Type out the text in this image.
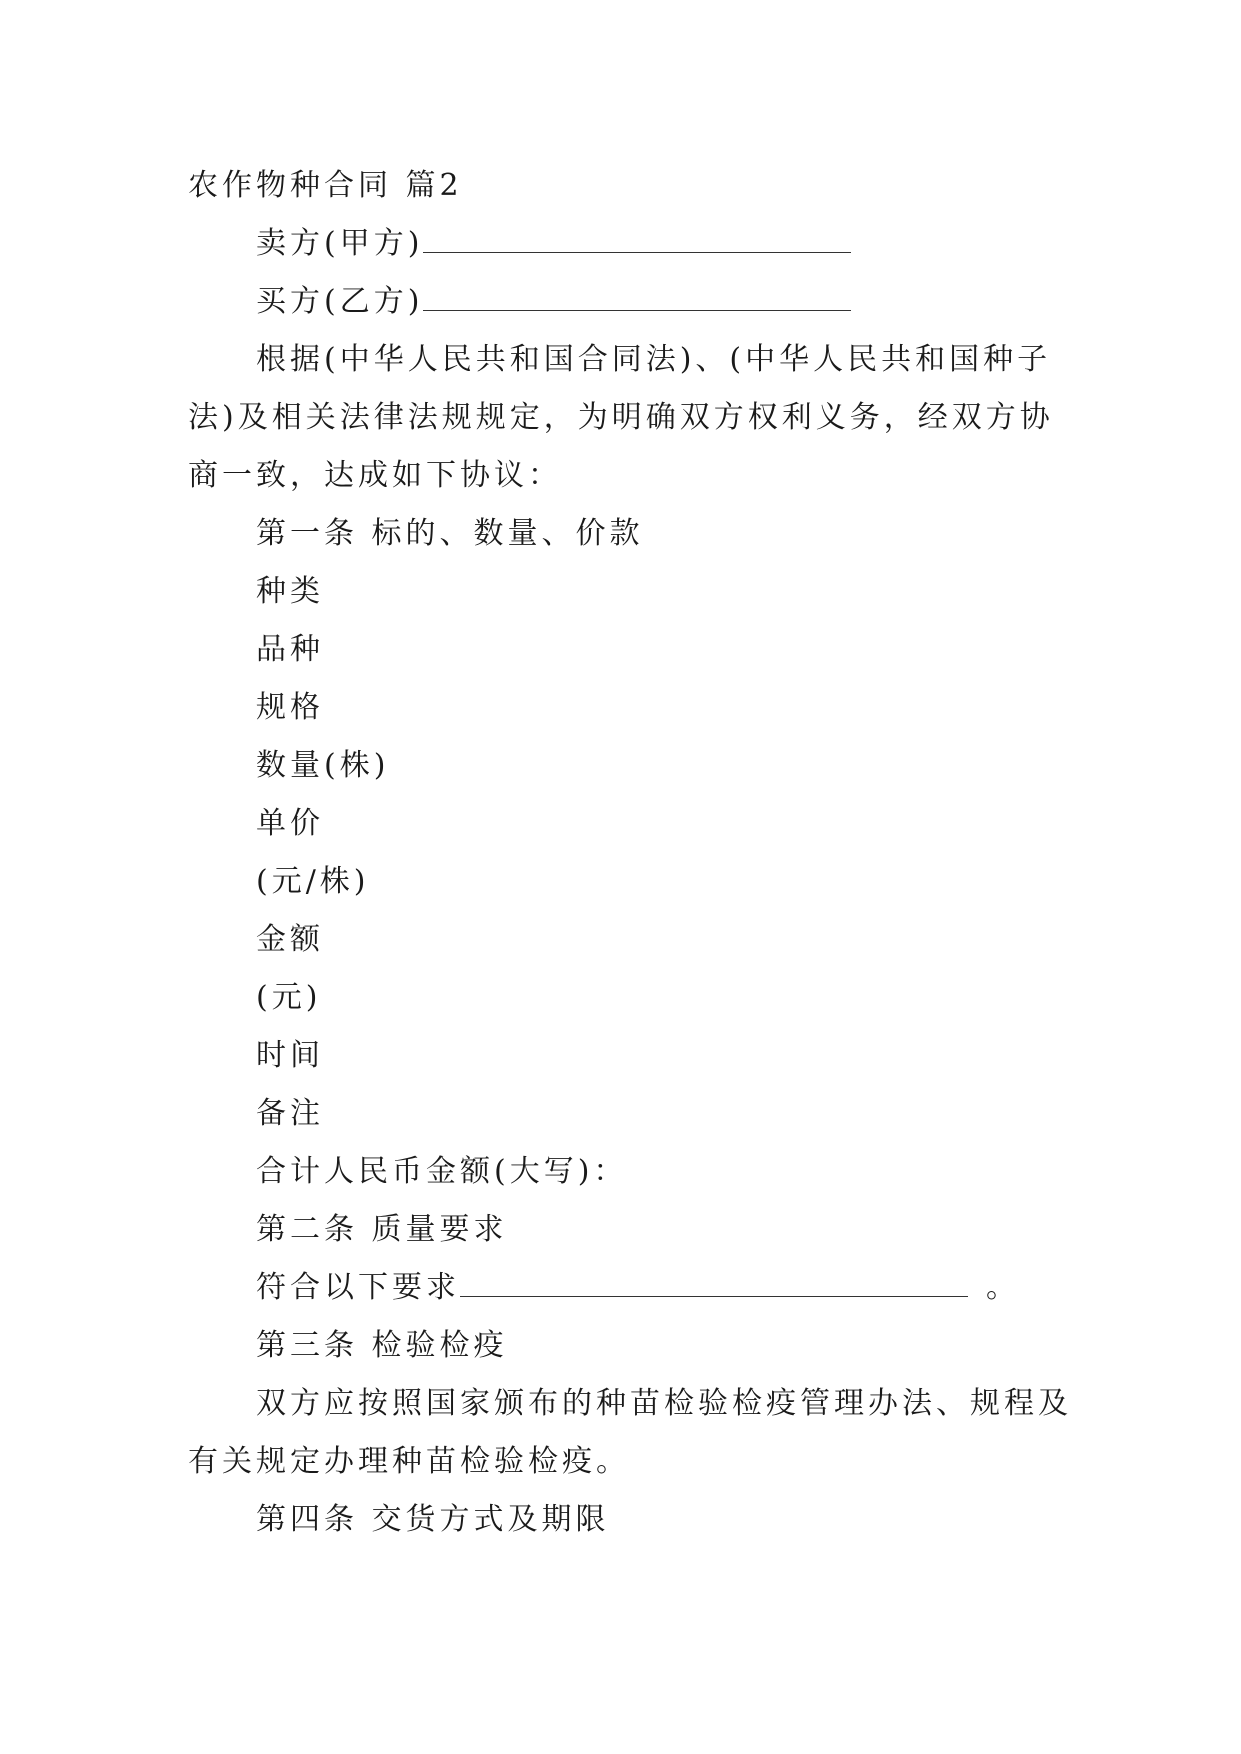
农作物种合同 篇2
卖方(甲方)
买方(乙方)
根据(中华人民共和国合同法)、(中华人民共和国种子
法)及相关法律法规规定，为明确双方权利义务，经双方协
商一致，达成如下协议：
第一条 标的、数量、价款
种类
品种
规格
数量(株)
单价
(元/株)
金额
(元)
时间
备注
合计人民币金额(大写)：
第二条 质量要求
符合以下要求	。
第三条 检验检疫
双方应按照国家颁布的种苗检验检疫管理办法、规程及
有关规定办理种苗检验检疫。
第四条 交货方式及期限
